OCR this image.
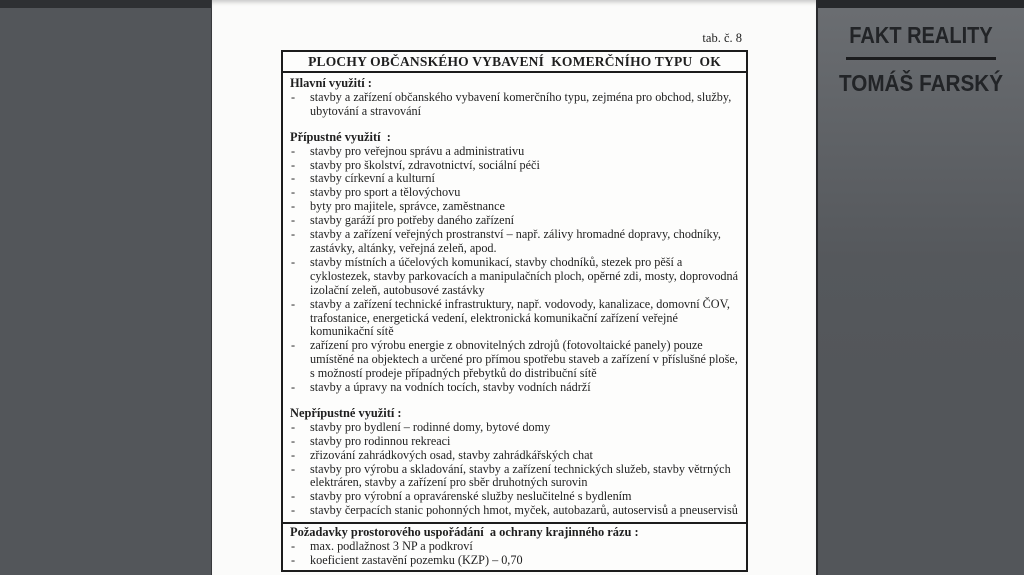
tab. č. 8
PLOCHY OBČANSKÉHO VYBAVENÍ  KOMERČNÍHO TYPU  OK
Hlavní využití :
-	stavby a zařízení občanského vybavení komerčního typu, zejména pro obchod, služby, ubytování a stravování
Přípustné využití  :
-	stavby pro veřejnou správu a administrativu
-	stavby pro školství, zdravotnictví, sociální péči
-	stavby církevní a kulturní
-	stavby pro sport a tělovýchovu
-	byty pro majitele, správce, zaměstnance
-	stavby garáží pro potřeby daného zařízení
-	stavby a zařízení veřejných prostranství – např. zálivy hromadné dopravy, chodníky, zastávky, altánky, veřejná zeleň, apod.
-	stavby místních a účelových komunikací, stavby chodníků, stezek pro pěší a cyklostezek, stavby parkovacích a manipulačních ploch, opěrné zdi, mosty, doprovodná izolační zeleň, autobusové zastávky
-	stavby a zařízení technické infrastruktury, např. vodovody, kanalizace, domovní ČOV, trafostanice, energetická vedení, elektronická komunikační zařízení veřejné komunikační sítě
-	zařízení pro výrobu energie z obnovitelných zdrojů (fotovoltaické panely) pouze umístěné na objektech a určené pro přímou spotřebu staveb a zařízení v příslušné ploše, s možností prodeje případných přebytků do distribuční sítě
-	stavby a úpravy na vodních tocích, stavby vodních nádrží
Nepřípustné využití :
-	stavby pro bydlení – rodinné domy, bytové domy
-	stavby pro rodinnou rekreaci
-	zřizování zahrádkových osad, stavby zahrádkářských chat
-	stavby pro výrobu a skladování, stavby a zařízení technických služeb, stavby větrných elektráren, stavby a zařízení pro sběr druhotných surovin
-	stavby pro výrobní a opravárenské služby neslučitelné s bydlením
-	stavby čerpacích stanic pohonných hmot, myček, autobazarů, autoservisů a pneuservisů
Požadavky prostorového uspořádání  a ochrany krajinného rázu :
-	max. podlažnost 3 NP a podkroví
-	koeficient zastavění pozemku (KZP) – 0,70
FAKT REALITY
TOMÁŠ FARSKÝ
